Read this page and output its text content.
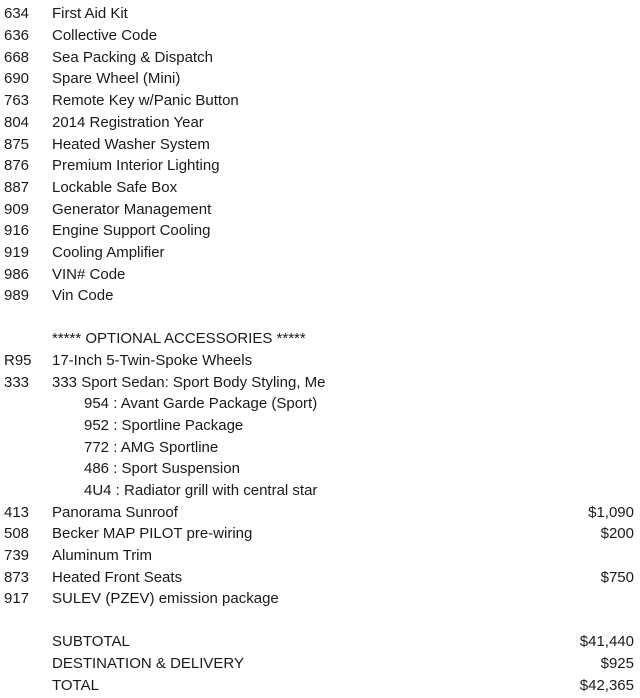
634 First Aid Kit
636 Collective Code
668 Sea Packing & Dispatch
690 Spare Wheel (Mini)
763 Remote Key w/Panic Button
804 2014 Registration Year
875 Heated Washer System
876 Premium Interior Lighting
887 Lockable Safe Box
909 Generator Management
916 Engine Support Cooling
919 Cooling Amplifier
986 VIN# Code
989 Vin Code
***** OPTIONAL ACCESSORIES *****
R95 17-Inch 5-Twin-Spoke Wheels
333 333 Sport Sedan: Sport Body Styling, Me
954 : Avant Garde Package (Sport)
952 : Sportline Package
772 : AMG Sportline
486 : Sport Suspension
4U4 : Radiator grill with central star
413 Panorama Sunroof	$1,090
508 Becker MAP PILOT pre-wiring	$200
739 Aluminum Trim
873 Heated Front Seats	$750
917 SULEV (PZEV) emission package
SUBTOTAL	$41,440
DESTINATION & DELIVERY	$925
TOTAL	$42,365
